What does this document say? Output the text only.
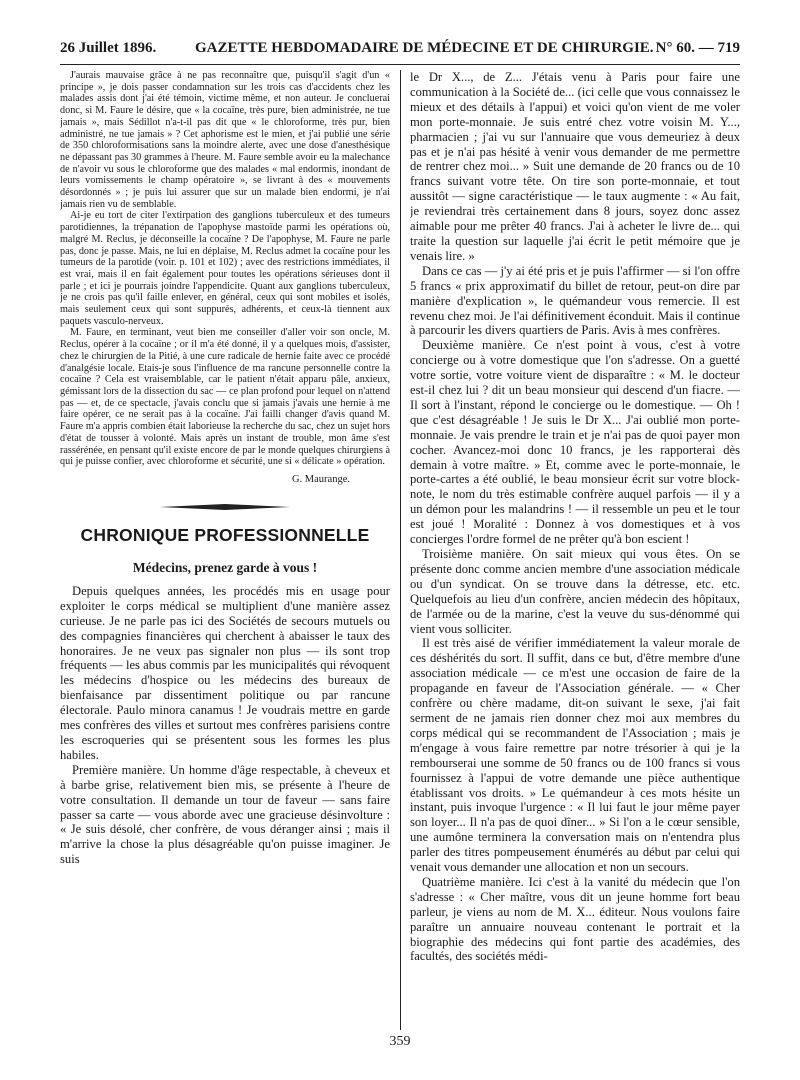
26 Juillet 1896.	GAZETTE HEBDOMADAIRE DE MÉDECINE ET DE CHIRURGIE. N° 60. — 719

J'aurais mauvaise grâce à ne pas reconnaître que, puisqu'il s'agit d'un « principe », je dois passer condamnation sur les trois cas d'accidents chez les malades assis dont j'ai été témoin, victime même, et non auteur. Je concluerai donc, si M. Faure le désire, que « la cocaïne, très pure, bien administrée, ne tue jamais », mais Sédillot n'a-t-il pas dit que « le chloroforme, très pur, bien administré, ne tue jamais » ? Cet aphorisme est le mien, et j'ai publié une série de 350 chloroformisations sans la moindre alerte, avec une dose d'anesthésique ne dépassant pas 30 grammes à l'heure. M. Faure semble avoir eu la malechance de n'avoir vu sous le chloroforme que des malades « mal endormis, inondant de leurs vomissements le champ opératoire », se livrant à des « mouvements désordonnés » ; je puis lui assurer que sur un malade bien endormi, je n'ai jamais rien vu de semblable.

Ai-je eu tort de citer l'extirpation des ganglions tuberculeux et des tumeurs parotidiennes, la trépanation de l'apophyse mastoïde parmi les opérations où, malgré M. Reclus, je déconseille la cocaïne ? De l'apophyse, M. Faure ne parle pas, donc je passe. Mais, ne lui en déplaise, M. Reclus admet la cocaïne pour les tumeurs de la parotide (voir. p. 101 et 102) ; avec des restrictions immédiates, il est vrai, mais il en fait également pour toutes les opérations sérieuses dont il parle ; et ici je pourrais joindre l'appendicite. Quant aux ganglions tuberculeux, je ne crois pas qu'il faille enlever, en général, ceux qui sont mobiles et isolés, mais seulement ceux qui sont suppurés, adhérents, et ceux-là tiennent aux paquets vasculo-nerveux.

M. Faure, en terminant, veut bien me conseiller d'aller voir son oncle, M. Reclus, opérer à la cocaïne ; or il m'a été donné, il y a quelques mois, d'assister, chez le chirurgien de la Pitié, à une cure radicale de hernie faite avec ce procédé d'analgésie locale. Etais-je sous l'influence de ma rancune personnelle contre la cocaïne ? Cela est vraisemblable, car le patient n'était apparu pâle, anxieux, gémissant lors de la dissection du sac — ce plan profond pour lequel on n'attend pas — et, de ce spectacle, j'avais conclu que si jamais j'avais une hernie à me faire opérer, ce ne serait pas à la cocaïne. J'ai failli changer d'avis quand M. Faure m'a appris combien était laborieuse la recherche du sac, chez un sujet hors d'état de tousser à volonté. Mais après un instant de trouble, mon âme s'est rassérénée, en pensant qu'il existe encore de par le monde quelques chirurgiens à qui je puisse confier, avec chloroforme et sécurité, une si « délicate » opération.

G. Maurange.
CHRONIQUE PROFESSIONNELLE
Médecins, prenez garde à vous !

Depuis quelques années, les procédés mis en usage pour exploiter le corps médical se multiplient d'une manière assez curieuse. Je ne parle pas ici des Sociétés de secours mutuels ou des compagnies financières qui cherchent à abaisser le taux des honoraires. Je ne veux pas signaler non plus — ils sont trop fréquents — les abus commis par les municipalités qui révoquent les médecins d'hospice ou les médecins des bureaux de bienfaisance par dissentiment politique ou par rancune électorale. Paulo minora canamus ! Je voudrais mettre en garde mes confrères des villes et surtout mes confrères parisiens contre les escroqueries qui se présentent sous les formes les plus habiles.

Première manière. Un homme d'âge respectable, à cheveux et à barbe grise, relativement bien mis, se présente à l'heure de votre consultation. Il demande un tour de faveur — sans faire passer sa carte — vous aborde avec une gracieuse désinvolture : « Je suis désolé, cher confrère, de vous déranger ainsi ; mais il m'arrive la chose la plus désagréable qu'on puisse imaginer. Je suis

le Dr X..., de Z... J'étais venu à Paris pour faire une communication à la Société de... (ici celle que vous connaissez le mieux et des détails à l'appui) et voici qu'on vient de me voler mon porte-monnaie. Je suis entré chez votre voisin M. Y..., pharmacien ; j'ai vu sur l'annuaire que vous demeuriez à deux pas et je n'ai pas hésité à venir vous demander de me permettre de rentrer chez moi... » Suit une demande de 20 francs ou de 10 francs suivant votre tête. On tire son porte-monnaie, et tout aussitôt — signe caractéristique — le taux augmente : « Au fait, je reviendrai très certainement dans 8 jours, soyez donc assez aimable pour me prêter 40 francs. J'ai à acheter le livre de... qui traite la question sur laquelle j'ai écrit le petit mémoire que je venais lire. »

Dans ce cas — j'y ai été pris et je puis l'affirmer — si l'on offre 5 francs « prix approximatif du billet de retour, peut-on dire par manière d'explication », le quémandeur vous remercie. Il est revenu chez moi. Je l'ai définitivement éconduit. Mais il continue à parcourir les divers quartiers de Paris. Avis à mes confrères.

Deuxième manière. Ce n'est point à vous, c'est à votre concierge ou à votre domestique que l'on s'adresse. On a guetté votre sortie, votre voiture vient de disparaître : « M. le docteur est-il chez lui ? dit un beau monsieur qui descend d'un fiacre. — Il sort à l'instant, répond le concierge ou le domestique. — Oh ! que c'est désagréable ! Je suis le Dr X... J'ai oublié mon porte-monnaie. Je vais prendre le train et je n'ai pas de quoi payer mon cocher. Avancez-moi donc 10 francs, je les rapporterai dès demain à votre maître. » Et, comme avec le porte-monnaie, le porte-cartes a été oublié, le beau monsieur écrit sur votre block-note, le nom du très estimable confrère auquel parfois — il y a un démon pour les malandrins ! — il ressemble un peu et le tour est joué ! Moralité : Donnez à vos domestiques et à vos concierges l'ordre formel de ne prêter qu'à bon escient !

Troisième manière. On sait mieux qui vous êtes. On se présente donc comme ancien membre d'une association médicale ou d'un syndicat. On se trouve dans la détresse, etc. etc. Quelquefois au lieu d'un confrère, ancien médecin des hôpitaux, de l'armée ou de la marine, c'est la veuve du sus-dénommé qui vient vous solliciter.

Il est très aisé de vérifier immédiatement la valeur morale de ces déshérités du sort. Il suffit, dans ce but, d'être membre d'une association médicale — ce m'est une occasion de faire de la propagande en faveur de l'Association générale. — « Cher confrère ou chère madame, dit-on suivant le sexe, j'ai fait serment de ne jamais rien donner chez moi aux membres du corps médical qui se recommandent de l'Association ; mais je m'engage à vous faire remettre par notre trésorier à qui je la rembourserai une somme de 50 francs ou de 100 francs si vous fournissez à l'appui de votre demande une pièce authentique établissant vos droits. » Le quémandeur à ces mots hésite un instant, puis invoque l'urgence : « Il lui faut le jour même payer son loyer... Il n'a pas de quoi dîner... » Si l'on a le cœur sensible, une aumône terminera la conversation mais on n'entendra plus parler des titres pompeusement énumérés au début par celui qui venait vous demander une allocation et non un secours.

Quatrième manière. Ici c'est à la vanité du médecin que l'on s'adresse : « Cher maître, vous dit un jeune homme fort beau parleur, je viens au nom de M. X... éditeur. Nous voulons faire paraître un annuaire nouveau contenant le portrait et la biographie des médecins qui font partie des académies, des facultés, des sociétés médi-

359
